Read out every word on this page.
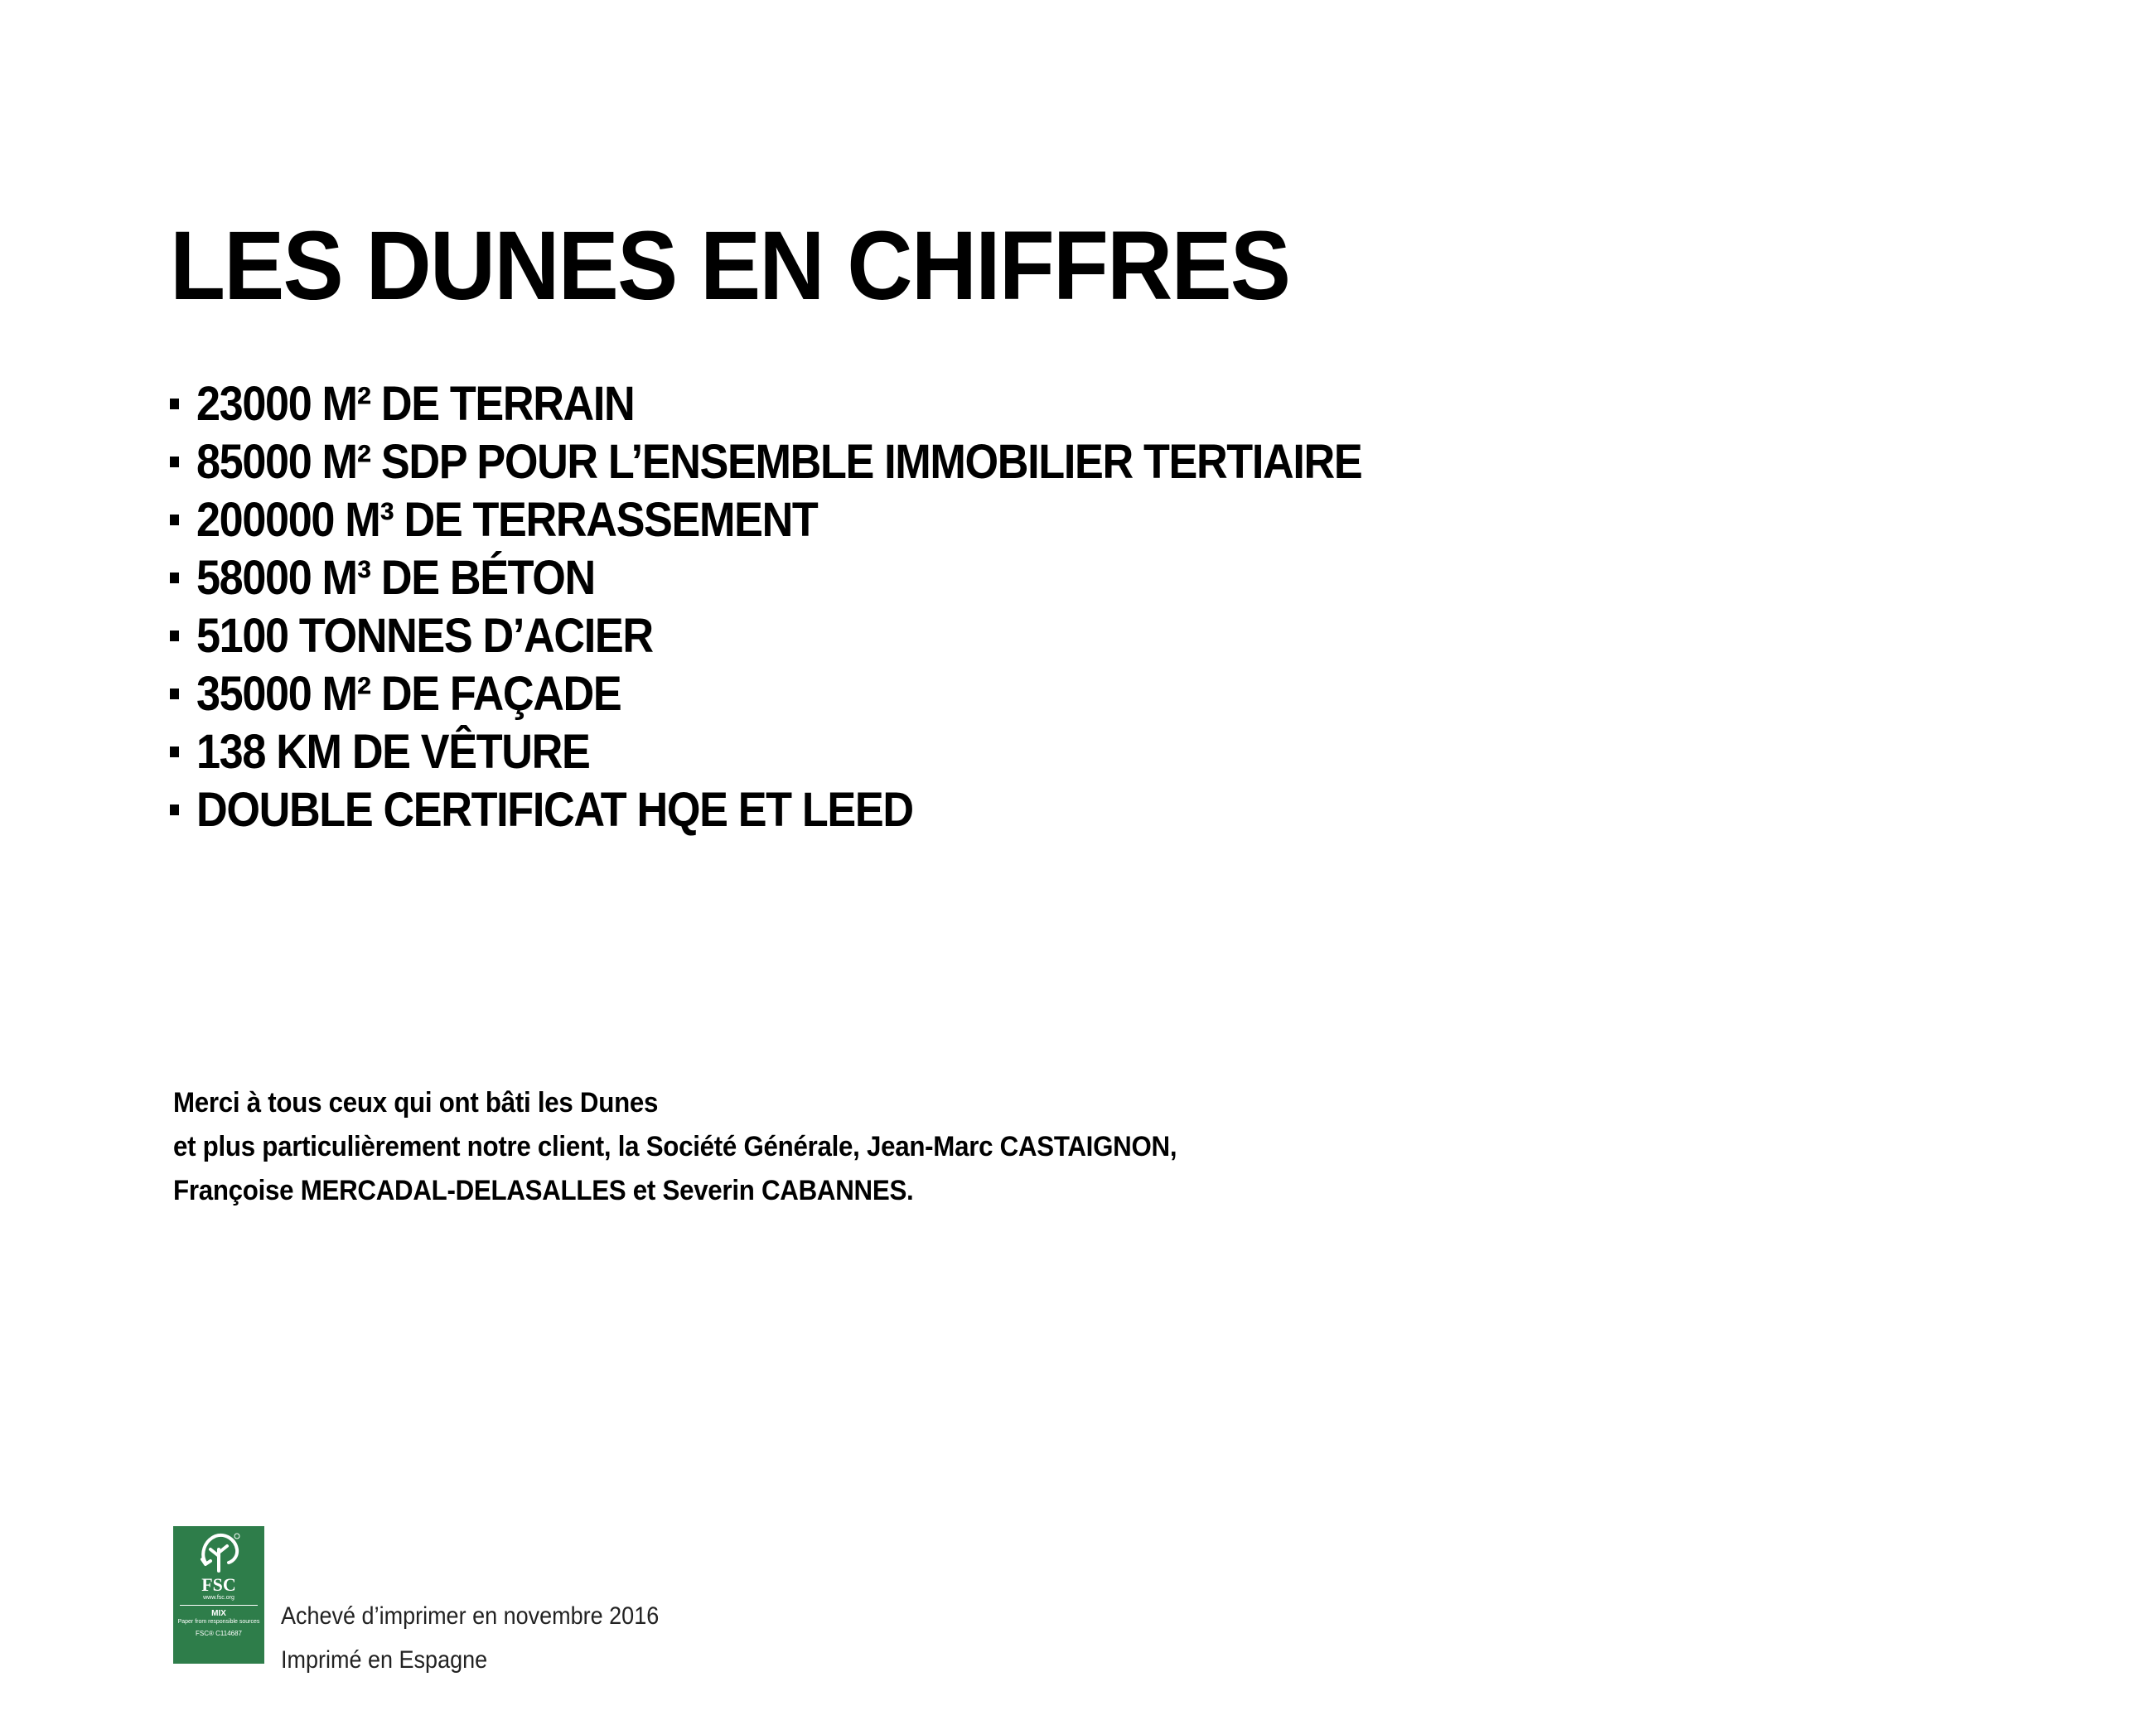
LES DUNES EN CHIFFRES
23000 M² DE TERRAIN
85000 M² SDP POUR L’ENSEMBLE IMMOBILIER TERTIAIRE
200000 M³ DE TERRASSEMENT
58000 M³ DE BÉTON
5100 TONNES D’ACIER
35000 M² DE FAÇADE
138 KM DE VÊTURE
DOUBLE CERTIFICAT HQE ET LEED
Merci à tous ceux qui ont bâti les Dunes
et plus particulièrement notre client, la Société Générale, Jean-Marc CASTAIGNON,
Françoise MERCADAL-DELASALLES et Severin CABANNES.
FSC
www.fsc.org
MIX
Paper from responsible sources
FSC® C114687
Achevé d’imprimer en novembre 2016
Imprimé en Espagne
